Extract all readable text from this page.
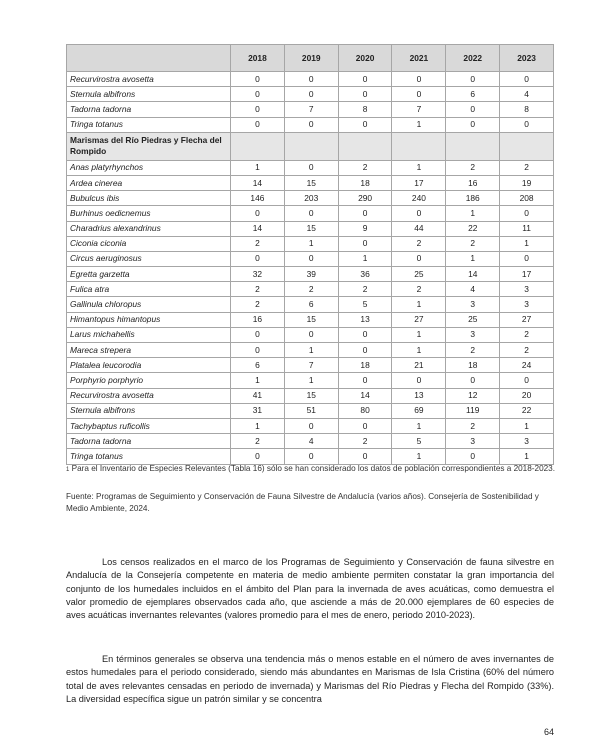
	2018	2019	2020	2021	2022	2023
Recurvirostra avosetta	0	0	0	0	0	0
Sternula albifrons	0	0	0	0	6	4
Tadorna tadorna	0	7	8	7	0	8
Tringa totanus	0	0	0	1	0	0
Marismas del Río Piedras y Flecha del Rompido						
Anas platyrhynchos	1	0	2	1	2	2
Ardea cinerea	14	15	18	17	16	19
Bubulcus ibis	146	203	290	240	186	208
Burhinus oedicnemus	0	0	0	0	1	0
Charadrius alexandrinus	14	15	9	44	22	11
Ciconia ciconia	2	1	0	2	2	1
Circus aeruginosus	0	0	1	0	1	0
Egretta garzetta	32	39	36	25	14	17
Fulica atra	2	2	2	2	4	3
Gallinula chloropus	2	6	5	1	3	3
Himantopus himantopus	16	15	13	27	25	27
Larus michahellis	0	0	0	1	3	2
Mareca strepera	0	1	0	1	2	2
Platalea leucorodia	6	7	18	21	18	24
Porphyrio porphyrio	1	1	0	0	0	0
Recurvirostra avosetta	41	15	14	13	12	20
Sternula albifrons	31	51	80	69	119	22
Tachybaptus ruficollis	1	0	0	1	2	1
Tadorna tadorna	2	4	2	5	3	3
Tringa totanus	0	0	0	1	0	1
1 Para el Inventario de Especies Relevantes (Tabla 16) sólo se han considerado los datos de población correspondientes a 2018-2023.
Fuente: Programas de Seguimiento y Conservación de Fauna Silvestre de Andalucía (varios años). Consejería de Sostenibilidad y Medio Ambiente, 2024.

Los censos realizados en el marco de los Programas de Seguimiento y Conservación de fauna silvestre en Andalucía de la Consejería competente en materia de medio ambiente permiten constatar la gran importancia del conjunto de los humedales incluidos en el ámbito del Plan para la invernada de aves acuáticas, como demuestra el valor promedio de ejemplares observados cada año, que asciende a más de 20.000 ejemplares de 60 especies de aves acuáticas invernantes relevantes (valores promedio para el mes de enero, periodo 2010-2023).

En términos generales se observa una tendencia más o menos estable en el número de aves invernantes de estos humedales para el periodo considerado, siendo más abundantes en Marismas de Isla Cristina (60% del número total de aves relevantes censadas en periodo de invernada) y Marismas del Río Piedras y Flecha del Rompido (33%). La diversidad específica sigue un patrón similar y se concentra

64
